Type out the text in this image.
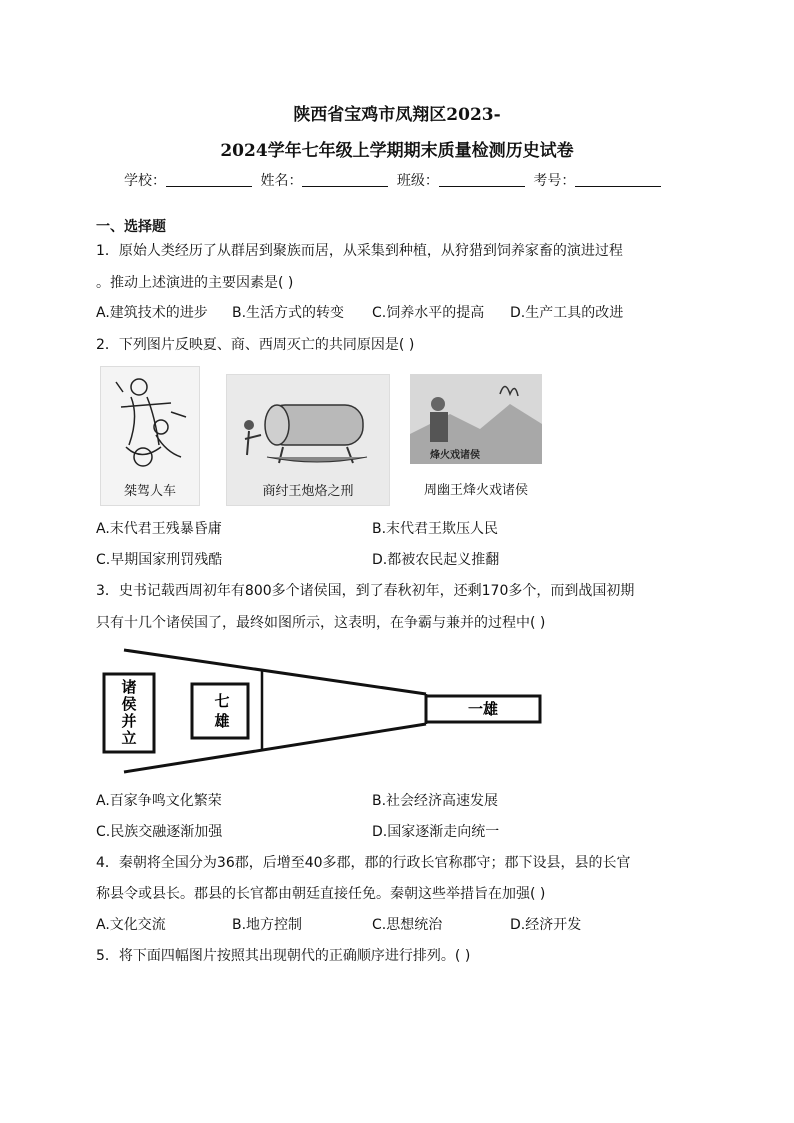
陕西省宝鸡市凤翔区2023-
2024学年七年级上学期期末质量检测历史试卷
学校：	姓名：	班级：	考号：
一、选择题
1．原始人类经历了从群居到聚族而居，从采集到种植，从狩猎到饲养家畜的演进过程
。推动上述演进的主要因素是( )
A.建筑技术的进步 B.生活方式的转变 C.饲养水平的提高 D.生产工具的改进
2．下列图片反映夏、商、西周灭亡的共同原因是( )
桀驾人车	商纣王炮烙之刑
烽火戏诸侯
周幽王烽火戏诸侯
A.末代君王残暴昏庸	B.末代君王欺压人民
C.早期国家刑罚残酷	D.都被农民起义推翻
3．史书记载西周初年有800多个诸侯国，到了春秋初年，还剩170多个，而到战国初期
只有十几个诸侯国了，最终如图所示，这表明，在争霸与兼并的过程中( )
诸
侯
并
立
七
雄
一雄
A.百家争鸣文化繁荣	B.社会经济高速发展
C.民族交融逐渐加强	D.国家逐渐走向统一
4．秦朝将全国分为36郡，后增至40多郡，郡的行政长官称郡守；郡下设县，县的长官
称县令或县长。郡县的长官都由朝廷直接任免。秦朝这些举措旨在加强( )
A.文化交流	B.地方控制	C.思想统治	D.经济开发
5．将下面四幅图片按照其出现朝代的正确顺序进行排列。( )
